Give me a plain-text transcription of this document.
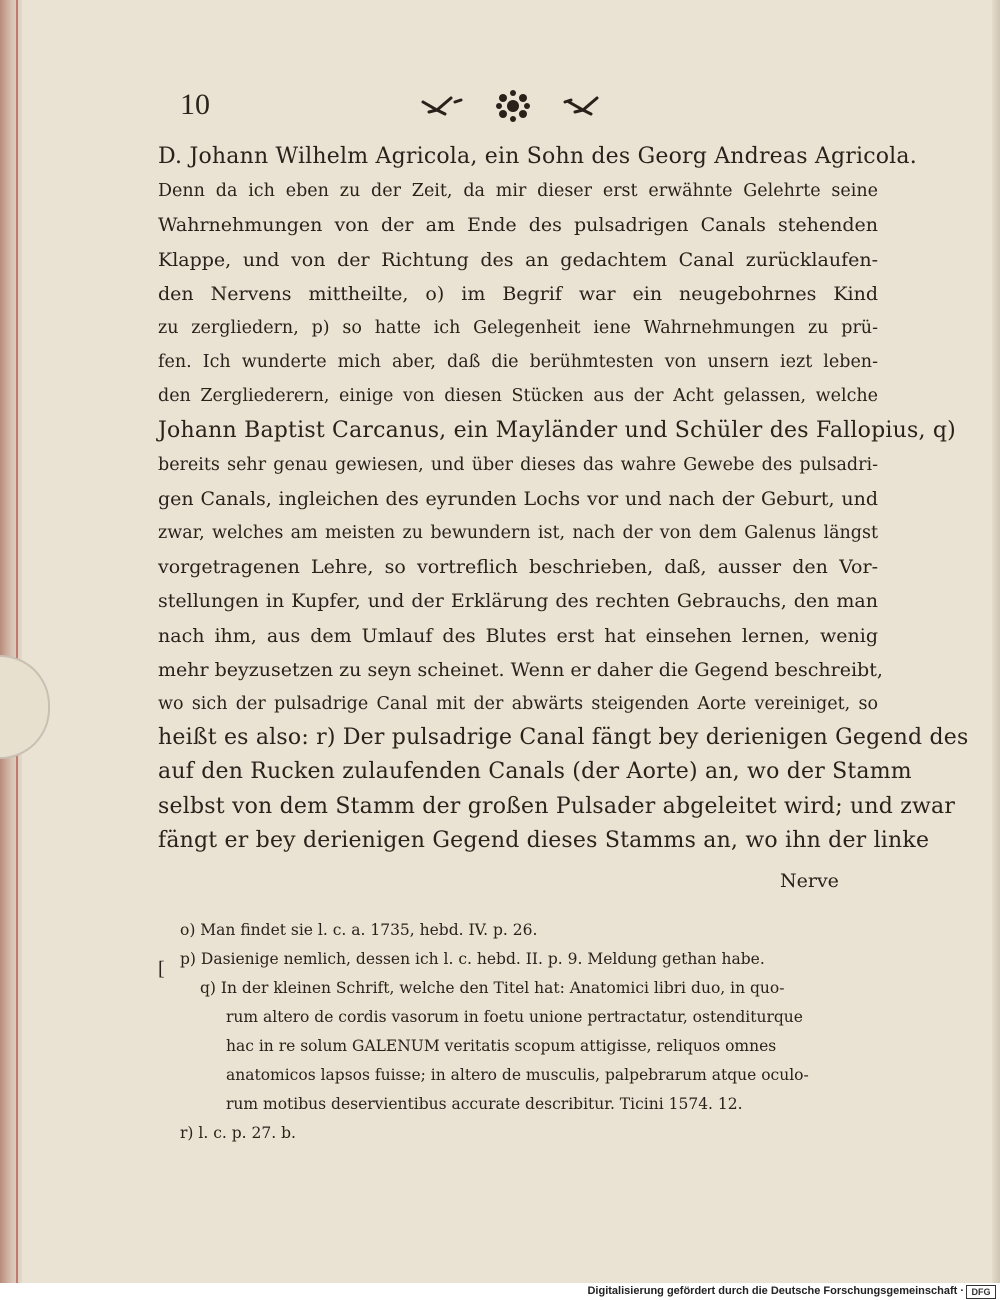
10
D. Johann Wilhelm Agricola, ein Sohn des Georg Andreas Agricola.
Denn da ich eben zu der Zeit, da mir dieser erst erwähnte Gelehrte seine
Wahrnehmungen von der am Ende des pulsadrigen Canals stehenden
Klappe, und von der Richtung des an gedachtem Canal zurücklaufen-
den Nervens mittheilte, o) im Begrif war ein neugebohrnes Kind
zu zergliedern, p) so hatte ich Gelegenheit iene Wahrnehmungen zu prü-
fen. Ich wunderte mich aber, daß die berühmtesten von unsern iezt leben-
den Zergliederern, einige von diesen Stücken aus der Acht gelassen, welche
Johann Baptist Carcanus, ein Mayländer und Schüler des Fallopius, q)
bereits sehr genau gewiesen, und über dieses das wahre Gewebe des pulsadri-
gen Canals, ingleichen des eyrunden Lochs vor und nach der Geburt, und
zwar, welches am meisten zu bewundern ist, nach der von dem Galenus längst
vorgetragenen Lehre, so vortreflich beschrieben, daß, ausser den Vor-
stellungen in Kupfer, und der Erklärung des rechten Gebrauchs, den man
nach ihm, aus dem Umlauf des Blutes erst hat einsehen lernen, wenig
mehr beyzusetzen zu seyn scheinet. Wenn er daher die Gegend beschreibt,
wo sich der pulsadrige Canal mit der abwärts steigenden Aorte vereiniget, so
heißt es also: r) Der pulsadrige Canal fängt bey derienigen Gegend des
auf den Rucken zulaufenden Canals (der Aorte) an, wo der Stamm
selbst von dem Stamm der großen Pulsader abgeleitet wird; und zwar
fängt er bey derienigen Gegend dieses Stamms an, wo ihn der linke
Nerve
[
o) Man findet sie l. c. a. 1735, hebd. IV. p. 26.
p) Dasienige nemlich, dessen ich l. c. hebd. II. p. 9. Meldung gethan habe.
q) In der kleinen Schrift, welche den Titel hat: Anatomici libri duo, in quo-
rum altero de cordis vasorum in foetu unione pertractatur, ostenditurque
hac in re solum GALENUM veritatis scopum attigisse, reliquos omnes
anatomicos lapsos fuisse; in altero de musculis, palpebrarum atque oculo-
rum motibus deservientibus accurate describitur. Ticini 1574. 12.
r) l. c. p. 27. b.
Digitalisierung gefördert durch die Deutsche Forschungsgemeinschaft · DFG
